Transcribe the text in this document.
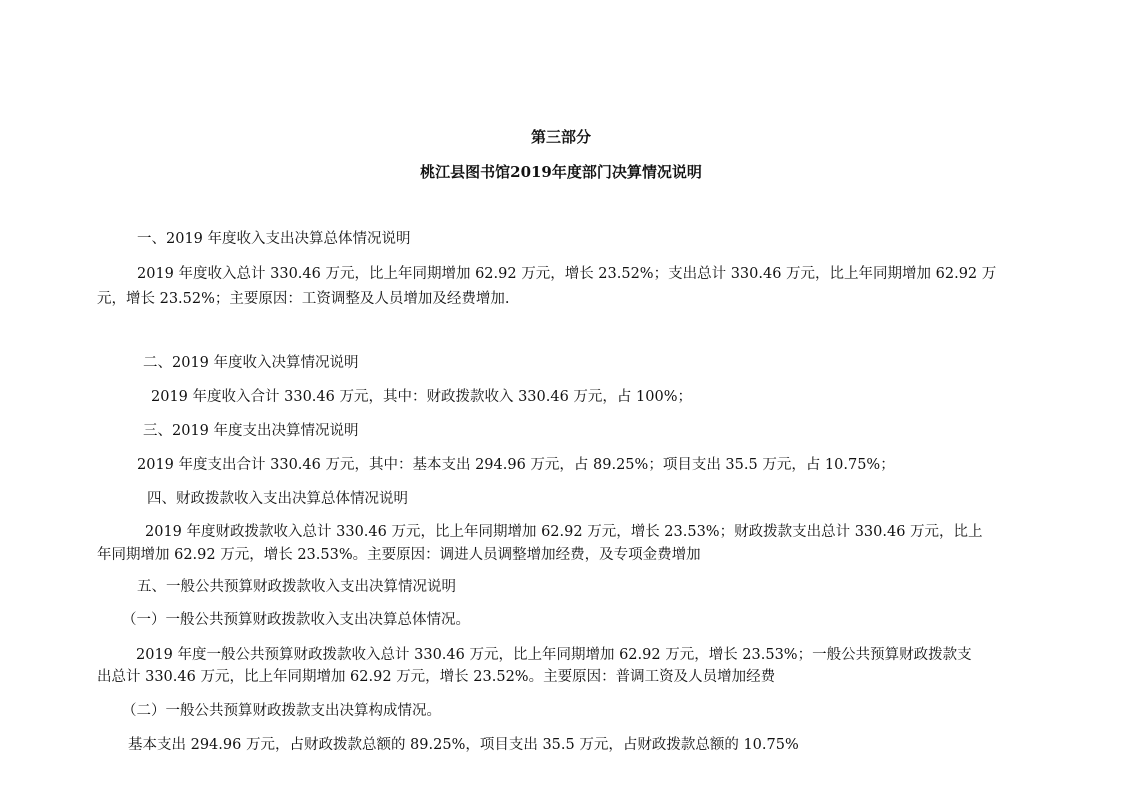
第三部分

桃江县图书馆2019年度部门决算情况说明

一、2019 年度收入支出决算总体情况说明

2019 年度收入总计 330.46 万元，比上年同期增加 62.92 万元，增长 23.52%；支出总计 330.46 万元，比上年同期增加 62.92 万

元，增长 23.52%；主要原因：工资调整及人员增加及经费增加.

二、2019 年度收入决算情况说明

2019 年度收入合计 330.46 万元，其中：财政拨款收入 330.46 万元，占 100%；

三、2019 年度支出决算情况说明

2019 年度支出合计 330.46 万元，其中：基本支出 294.96 万元，占 89.25%；项目支出 35.5 万元，占 10.75%；

四、财政拨款收入支出决算总体情况说明

2019 年度财政拨款收入总计 330.46 万元，比上年同期增加 62.92 万元，增长 23.53%；财政拨款支出总计 330.46 万元，比上

年同期增加 62.92 万元，增长 23.53%。主要原因：调进人员调整增加经费，及专项金费增加

五、一般公共预算财政拨款收入支出决算情况说明

（一）一般公共预算财政拨款收入支出决算总体情况。

2019 年度一般公共预算财政拨款收入总计 330.46 万元，比上年同期增加 62.92 万元，增长 23.53%；一般公共预算财政拨款支

出总计 330.46 万元，比上年同期增加 62.92 万元，增长 23.52%。主要原因：普调工资及人员增加经费

（二）一般公共预算财政拨款支出决算构成情况。

基本支出 294.96 万元，占财政拨款总额的 89.25%，项目支出 35.5 万元，占财政拨款总额的 10.75%
